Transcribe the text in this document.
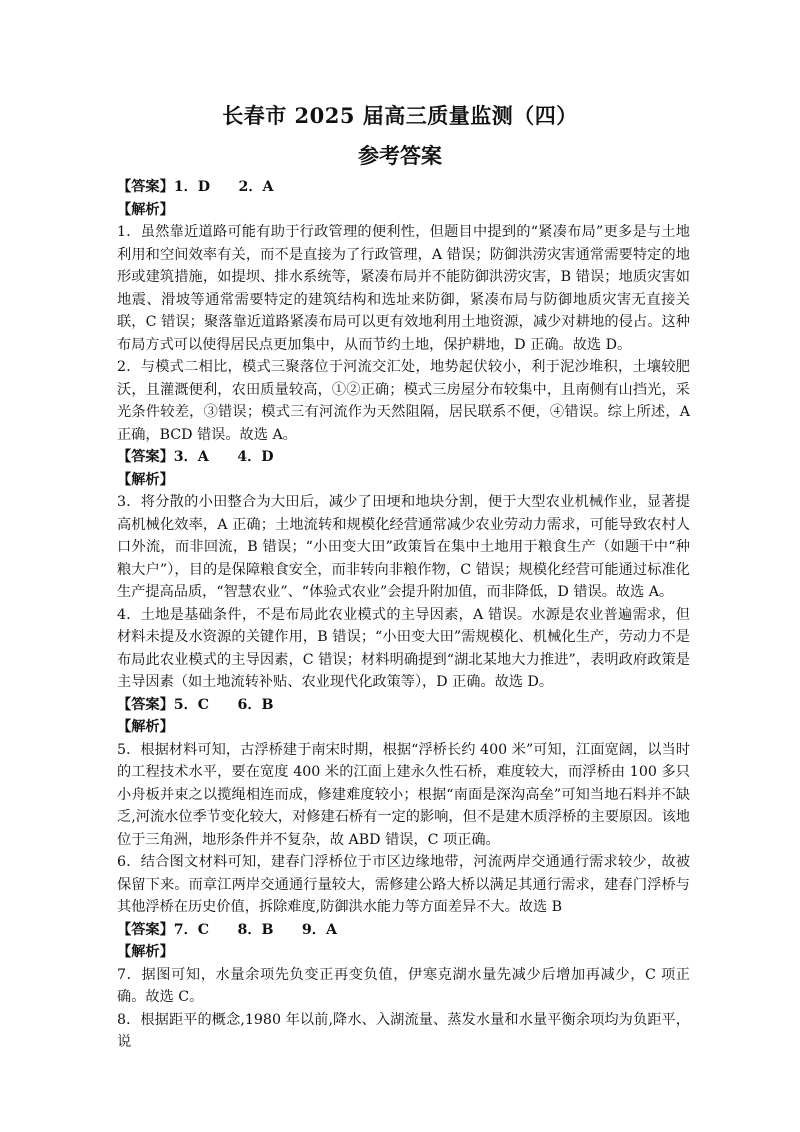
长春市 2025 届高三质量监测（四）
参考答案

【答案】1．D　　2．A

【解析】

1．虽然靠近道路可能有助于行政管理的便利性，但题目中提到的“紧凑布局”更多是与土地利用和空间效率有关，而不是直接为了行政管理，A 错误；防御洪涝灾害通常需要特定的地形或建筑措施，如提坝、排水系统等，紧凑布局并不能防御洪涝灾害，B 错误；地质灾害如地震、滑坡等通常需要特定的建筑结构和选址来防御，紧凑布局与防御地质灾害无直接关联，C 错误；聚落靠近道路紧凑布局可以更有效地利用土地资源，减少对耕地的侵占。这种布局方式可以使得居民点更加集中，从而节约土地，保护耕地，D 正确。故选 D。

2．与模式二相比，模式三聚落位于河流交汇处，地势起伏较小，利于泥沙堆积，土壤较肥沃，且灌溉便利，农田质量较高，①②正确；模式三房屋分布较集中，且南侧有山挡光，采光条件较差，③错误；模式三有河流作为天然阻隔，居民联系不便，④错误。综上所述，A 正确，BCD 错误。故选 A。

【答案】3．A　　4．D

【解析】

3．将分散的小田整合为大田后，减少了田埂和地块分割，便于大型农业机械作业，显著提高机械化效率，A 正确；土地流转和规模化经营通常减少农业劳动力需求，可能导致农村人口外流，而非回流，B 错误；“小田变大田”政策旨在集中土地用于粮食生产（如题干中“种粮大户”），目的是保障粮食安全，而非转向非粮作物，C 错误；规模化经营可能通过标准化生产提高品质，“智慧农业”、“体验式农业”会提升附加值，而非降低，D 错误。故选 A。

4．土地是基础条件，不是布局此农业模式的主导因素，A 错误。水源是农业普遍需求，但材料未提及水资源的关键作用，B 错误；“小田变大田”需规模化、机械化生产，劳动力不是布局此农业模式的主导因素，C 错误；材料明确提到“湖北某地大力推进”，表明政府政策是主导因素（如土地流转补贴、农业现代化政策等），D 正确。故选 D。

【答案】5．C　　6．B

【解析】

5．根据材料可知，古浮桥建于南宋时期，根据“浮桥长约 400 米”可知，江面宽阔，以当时的工程技术水平，要在宽度 400 米的江面上建永久性石桥，难度较大，而浮桥由 100 多只小舟板并束之以揽绳相连而成，修建难度较小；根据“南面是深沟高垒”可知当地石料并不缺乏,河流水位季节变化较大，对修建石桥有一定的影响，但不是建木质浮桥的主要原因。该地位于三角洲，地形条件并不复杂，故 ABD 错误，C 项正确。

6．结合图文材料可知，建春门浮桥位于市区边缘地带，河流两岸交通通行需求较少，故被保留下来。而章江两岸交通通行量较大，需修建公路大桥以满足其通行需求，建春门浮桥与其他浮桥在历史价值，拆除难度,防御洪水能力等方面差异不大。故选 B

【答案】7．C　　8．B　　9．A

【解析】

7．据图可知，水量余项先负变正再变负值，伊寒克湖水量先减少后增加再减少，C 项正确。故选 C。

8．根据距平的概念,1980 年以前,降水、入湖流量、蒸发水量和水量平衡余项均为负距平，说
